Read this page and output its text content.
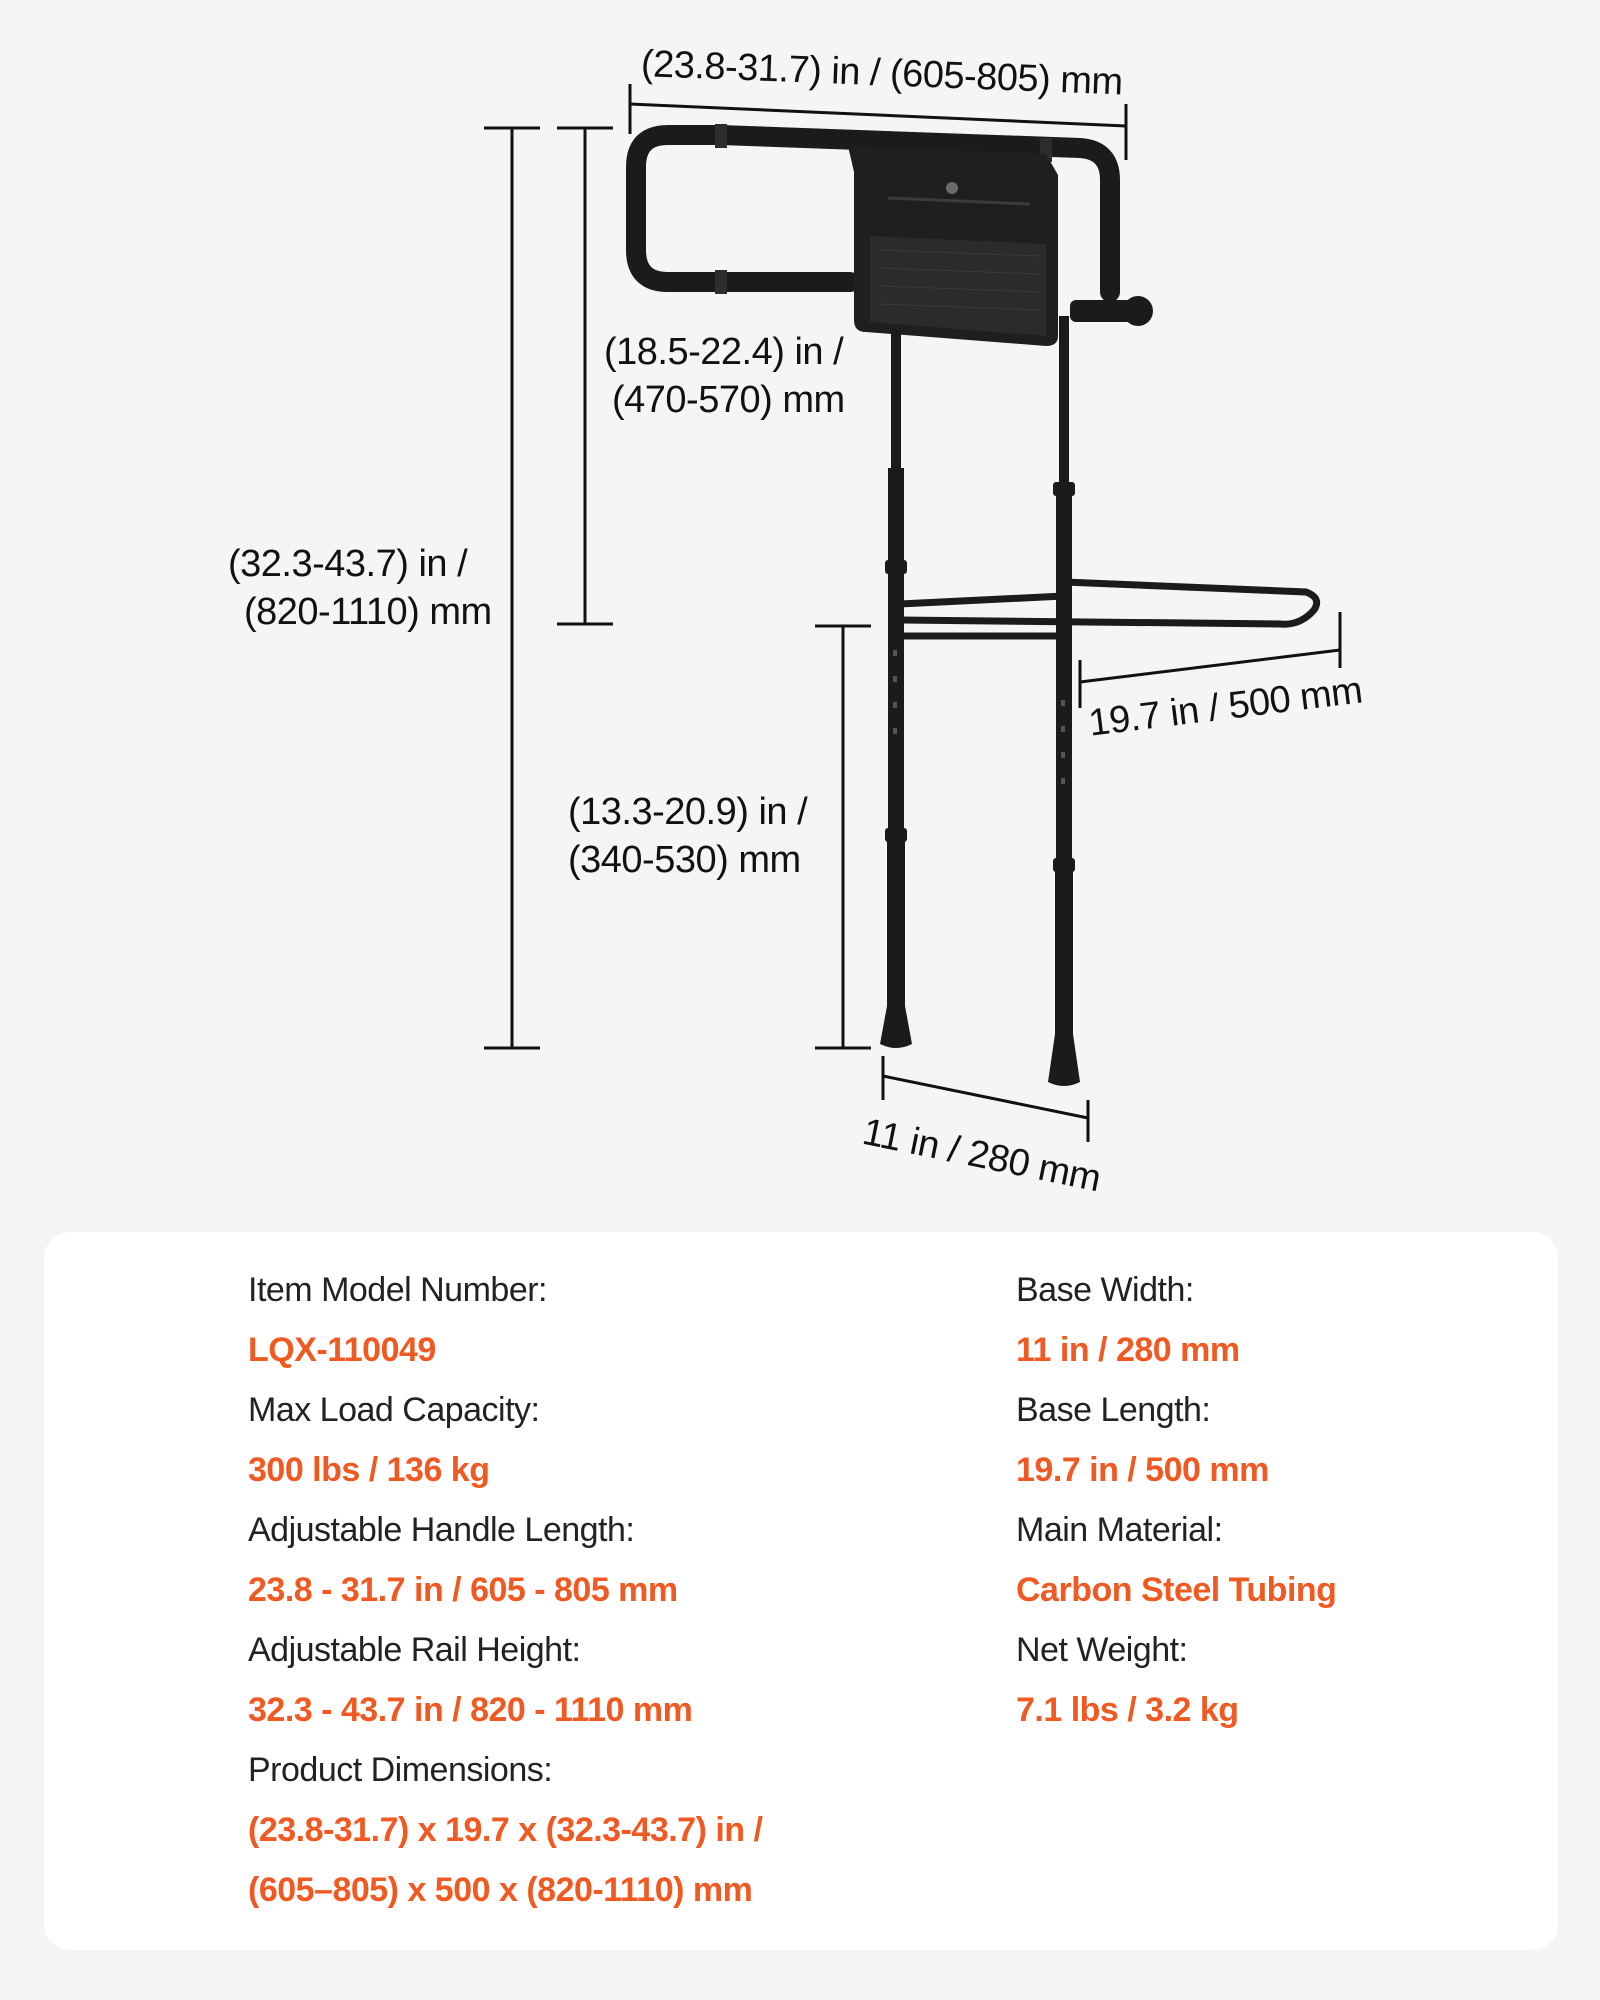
(23.8-31.7) in / (605-805) mm
(18.5-22.4) in /
(470-570) mm
(32.3-43.7) in /
(820-1110) mm
(13.3-20.9) in /
(340-530) mm
19.7 in / 500 mm
11 in / 280 mm
Item Model Number:
LQX-110049
Max Load Capacity:
300 lbs / 136 kg
Adjustable Handle Length:
23.8 - 31.7 in / 605 - 805 mm
Adjustable Rail Height:
32.3 - 43.7 in / 820 - 1110 mm
Product Dimensions:
(23.8-31.7) x 19.7 x (32.3-43.7) in /
(605–805) x 500 x (820-1110) mm
Base Width:
11 in / 280 mm
Base Length:
19.7 in / 500 mm
Main Material:
Carbon Steel Tubing
Net Weight:
7.1 lbs / 3.2 kg
